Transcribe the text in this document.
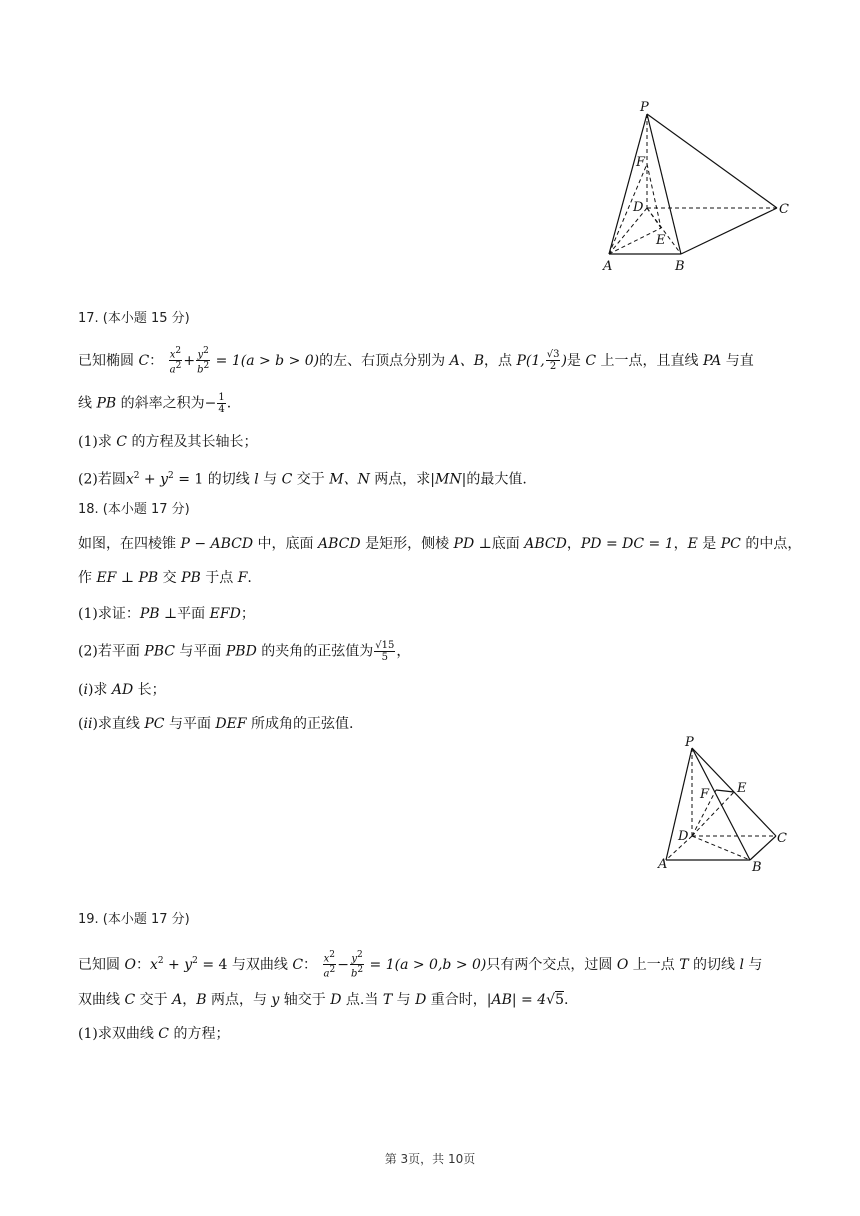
P
F
D	C
E
A	B
17. (本小题 15 分)
已知椭圆 C： $\frac{x^2}{a^2} + \frac{y^2}{b^2} = 1(a > b > 0)$的左、右顶点分别为 A、B，点 P(1, $\frac{√3}{2}$ )是 C 上一点，且直线 PA 与直
线 PB 的斜率之积为− $\frac{1}{4}$ .
(1)求 C 的方程及其长轴长；
(2)若圆$x^2 + y^2 = 1$ 的切线 l 与 C 交于 M、N 两点，求|MN|的最大值.
18. (本小题 17 分)
如图，在四棱锥 P − ABCD 中，底面 ABCD 是矩形，侧棱 PD ⊥底面 ABCD，PD = DC = 1，E 是 PC 的中点，
作 EF ⊥ PB 交 PB 于点 F.
(1)求证：PB ⊥平面 EFD；
(2)若平面 PBC 与平面 PBD 的夹角的正弦值为 $\frac{√15}{5}$ ，
(i)求 AD 长；
(ii)求直线 PC 与平面 DEF 所成角的正弦值.
P
F E
D	C
A	B
19. (本小题 17 分)
已知圆 O：$x^2 + y^2 = 4$ 与双曲线 C： $\frac{x^2}{a^2} - \frac{y^2}{b^2} = 1(a > 0,b > 0)$只有两个交点，过圆 O 上一点 T 的切线 l 与
双曲线 C 交于 A，B 两点，与 y 轴交于 D 点.当 T 与 D 重合时，|AB| = 4√5.
(1)求双曲线 C 的方程；
第 3页，共 10页
